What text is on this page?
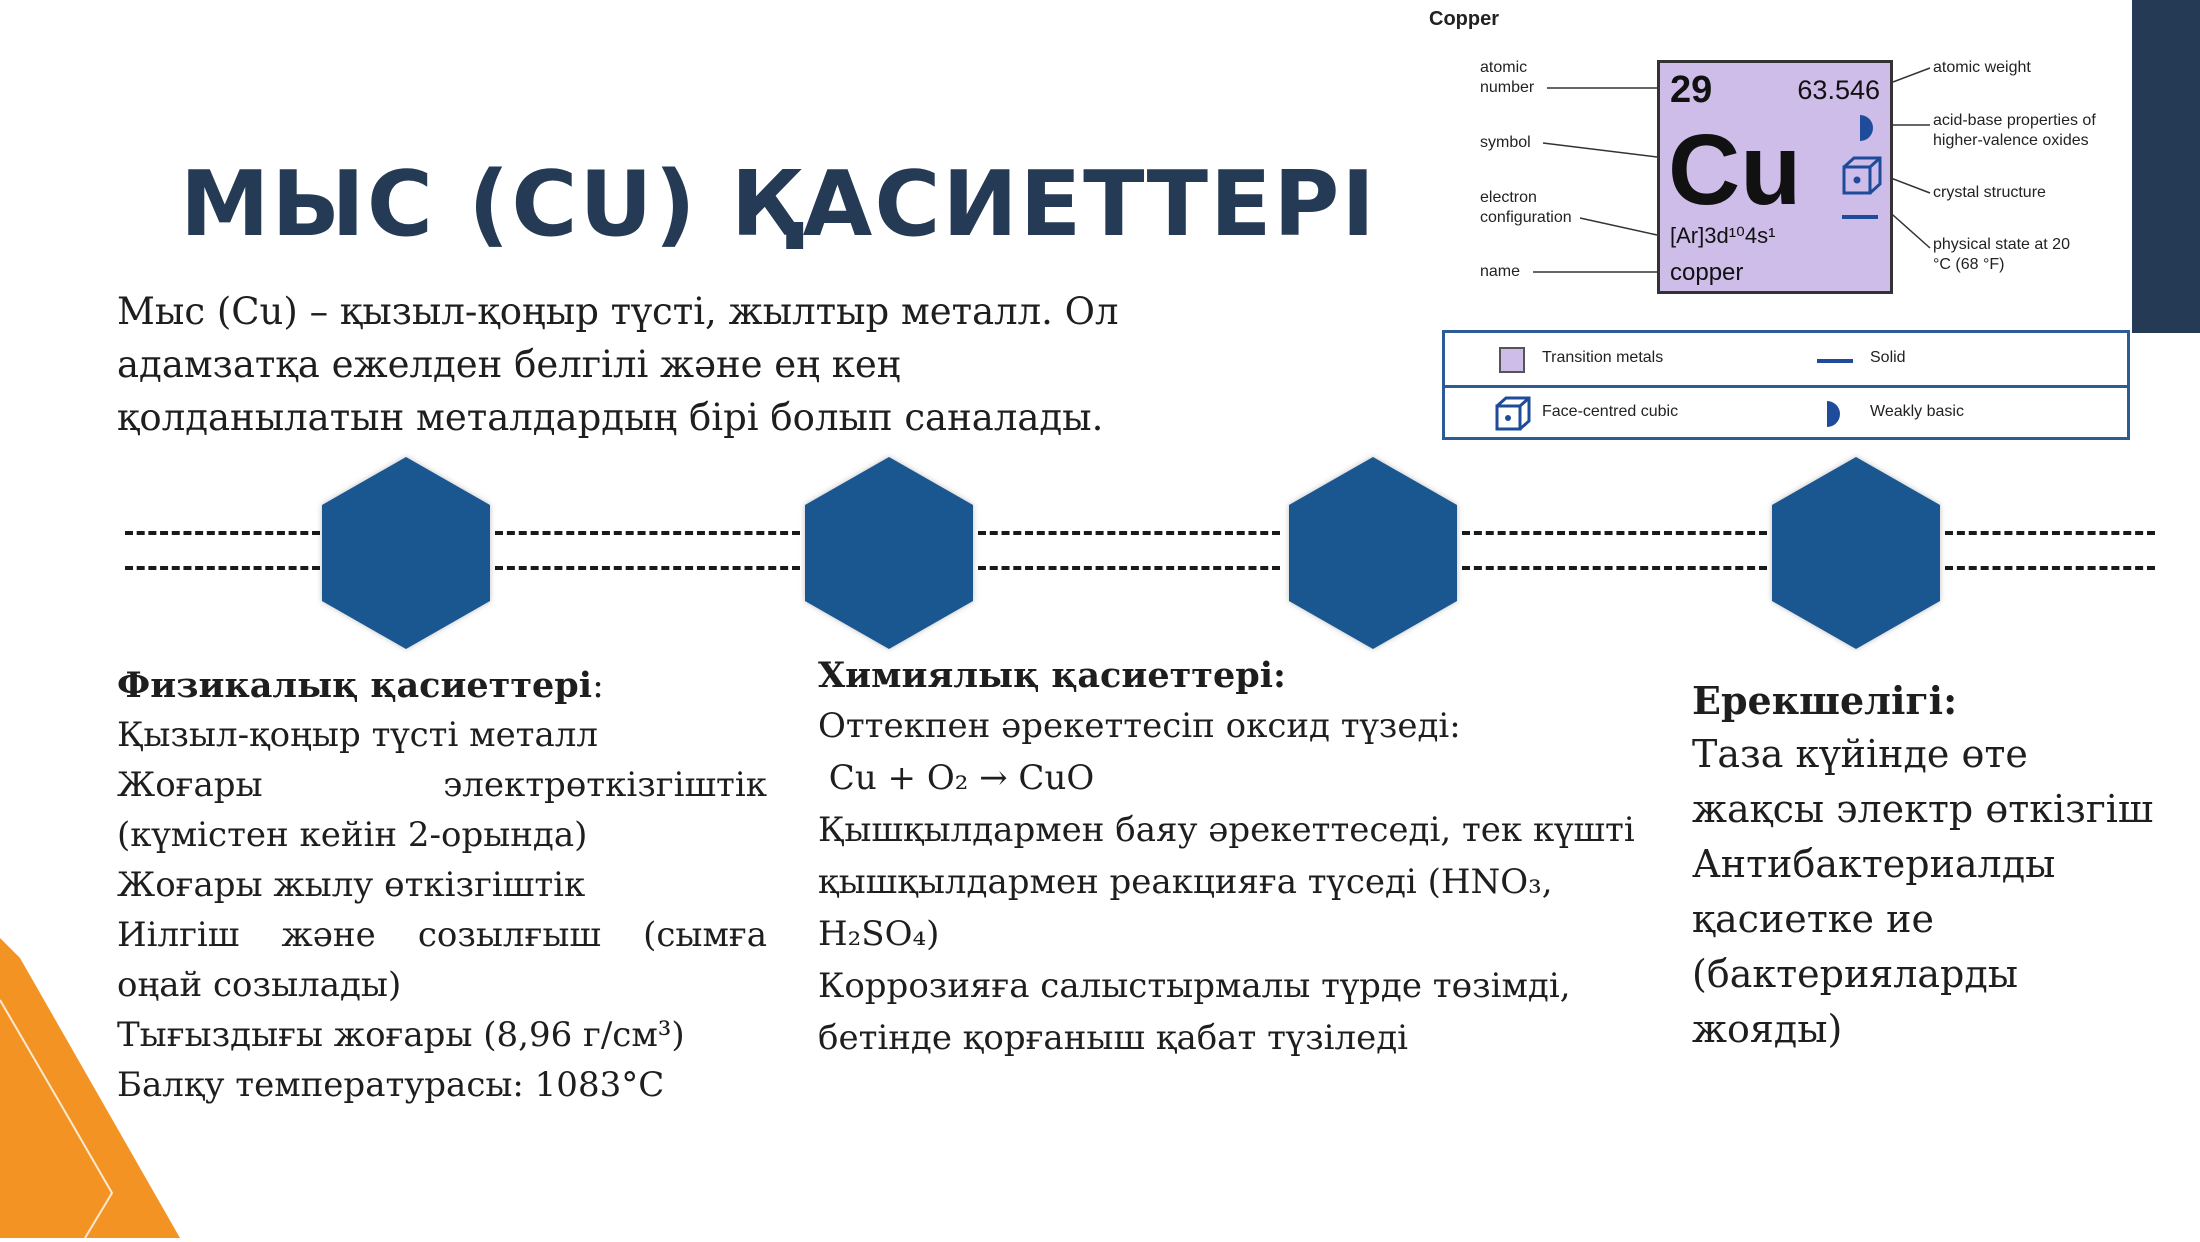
МЫС (CU) ҚАСИЕТТЕРІ
Мыс (Cu) – қызыл-қоңыр түсті, жылтыр металл. Ол адамзатқа ежелден белгілі және ең кең қолданылатын металдардың бірі болып саналады.
Copper
atomic number
symbol
electron configuration
name
atomic weight
acid-base properties of higher-valence oxides
crystal structure
physical state at 20 °C (68 °F)
29	63.546
Cu
[Ar]3d¹⁰4s¹
copper
Transition metals	Solid
Face-centred cubic	Weakly basic
Физикалық қасиеттері:

Қызыл-қоңыр түсті металл

Жоғары электрөткізгіштік (күмістен кейін 2-орында)

Жоғары жылу өткізгіштік

Иілгіш және созылғыш (сымға оңай созылады)

Тығыздығы жоғары (8,96 г/см³)

Балқу температурасы: 1083°C

Химиялық қасиеттері:

Оттекпен әрекеттесіп оксид түзеді:

Cu + O₂ → CuO

Қышқылдармен баяу әрекеттеседі, тек күшті қышқылдармен реакцияға түседі (HNO₃, H₂SO₄)

Коррозияға салыстырмалы түрде төзімді, бетінде қорғаныш қабат түзіледі

Ерекшелігі:

Таза күйінде өте жақсы электр өткізгіш

Антибактериалды қасиетке ие (бактерияларды жояды)
